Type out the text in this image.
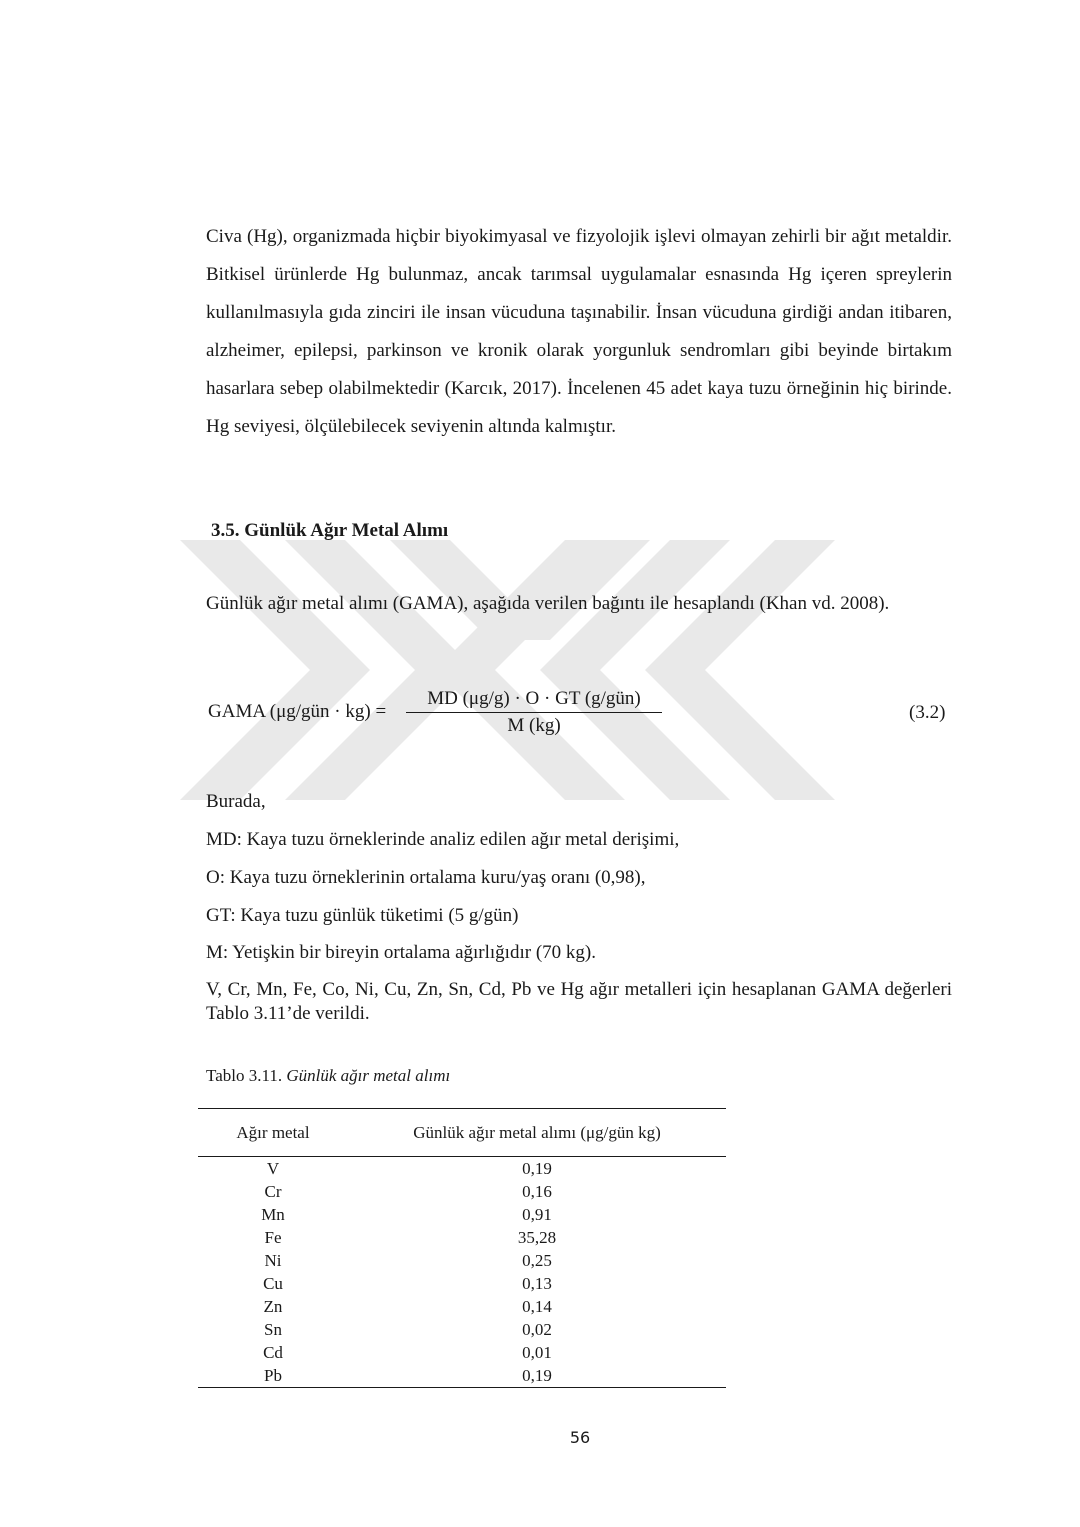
Civa (Hg), organizmada hiçbir biyokimyasal ve fizyolojik işlevi olmayan zehirli bir ağıt metaldir. Bitkisel ürünlerde Hg bulunmaz, ancak tarımsal uygulamalar esnasında Hg içeren spreylerin kullanılmasıyla gıda zinciri ile insan vücuduna taşınabilir. İnsan vücuduna girdiği andan itibaren, alzheimer, epilepsi, parkinson ve kronik olarak yorgunluk sendromları gibi beyinde birtakım hasarlara sebep olabilmektedir (Karcık, 2017). İncelenen 45 adet kaya tuzu örneğinin hiç birinde. Hg seviyesi, ölçülebilecek seviyenin altında kalmıştır.

3.5. Günlük Ağır Metal Alımı

Günlük ağır metal alımı (GAMA), aşağıda verilen bağıntı ile hesaplandı (Khan vd. 2008).

GAMA (μg/gün · kg) =
MD (μg/g) · O · GT (g/gün)
M (kg)
(3.2)

Burada,

MD: Kaya tuzu örneklerinde analiz edilen ağır metal derişimi,

O: Kaya tuzu örneklerinin ortalama kuru/yaş oranı (0,98),

GT: Kaya tuzu günlük tüketimi (5 g/gün)

M: Yetişkin bir bireyin ortalama ağırlığıdır (70 kg).

V, Cr, Mn, Fe, Co, Ni, Cu, Zn, Sn, Cd, Pb ve Hg ağır metalleri için hesaplanan GAMA değerleri Tablo 3.11’de verildi.

Tablo 3.11. Günlük ağır metal alımı

Ağır metal	Günlük ağır metal alımı (μg/gün kg)
V	0,19
Cr	0,16
Mn	0,91
Fe	35,28
Ni	0,25
Cu	0,13
Zn	0,14
Sn	0,02
Cd	0,01
Pb	0,19
56
